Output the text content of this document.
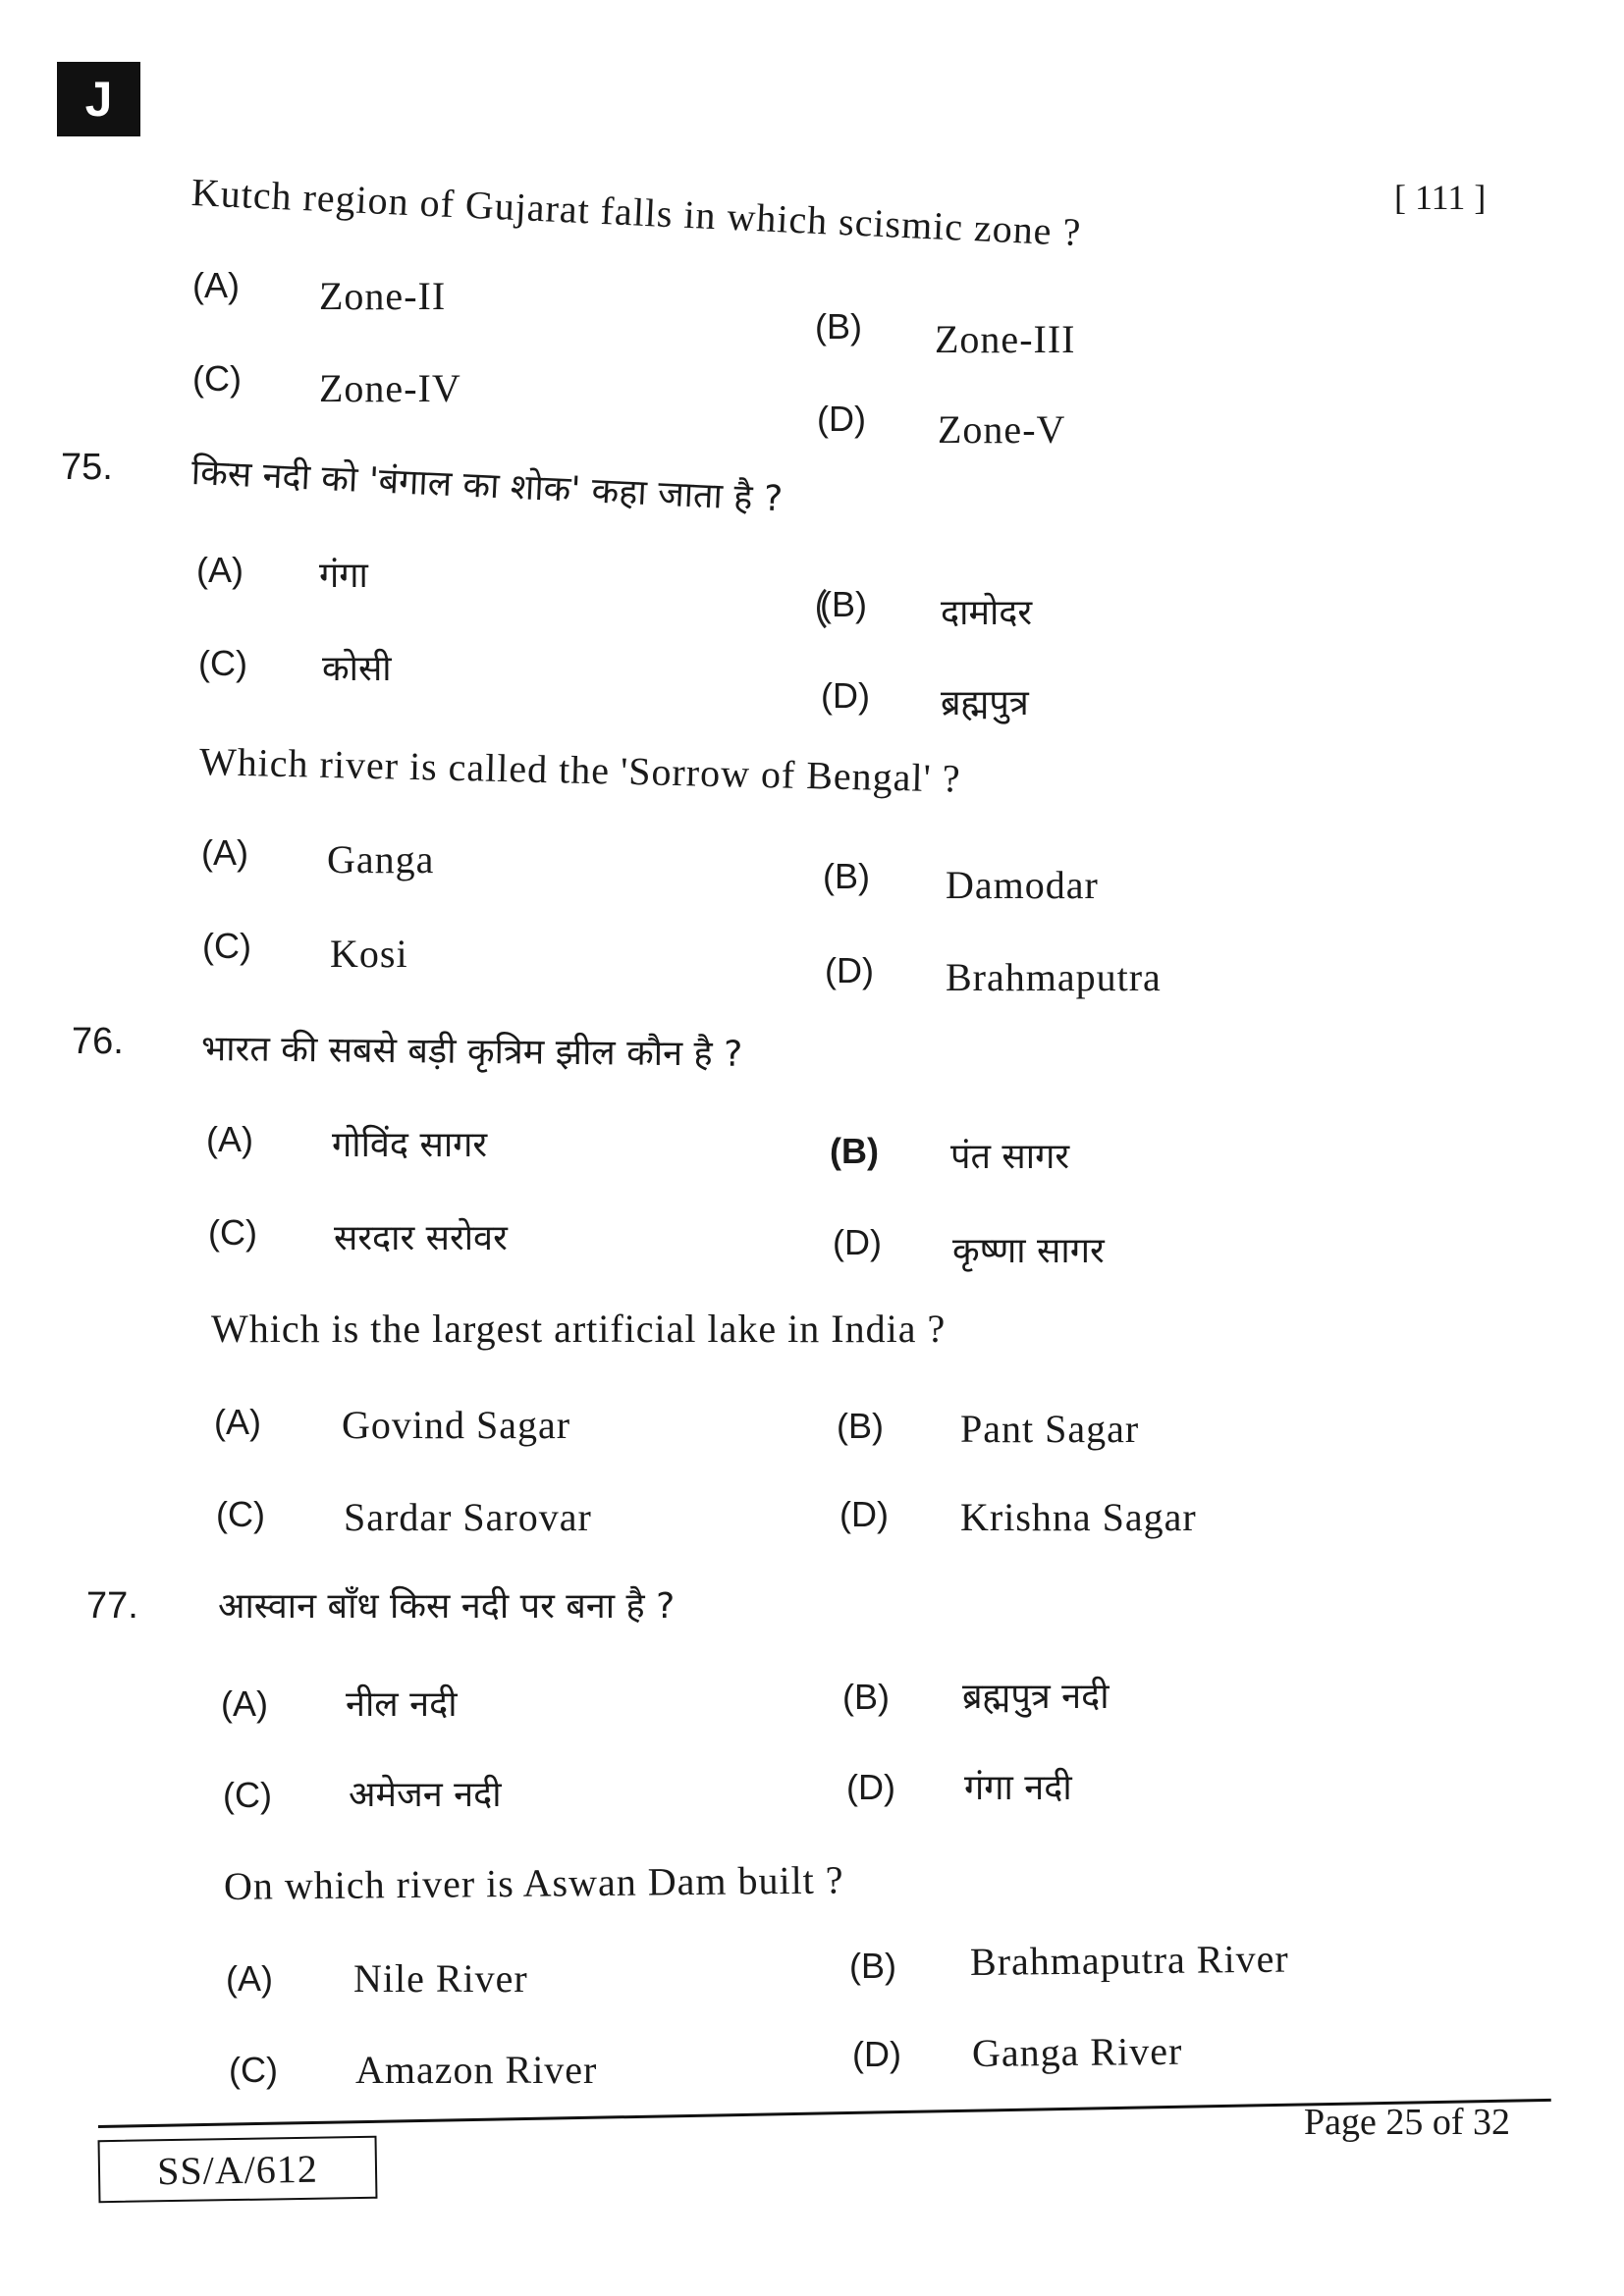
J
[ 111 ]
Kutch region of Gujarat falls in which scismic zone ?
(A) Zone-II
(B) Zone-III
(C) Zone-IV
(D) Zone-V
75. किस नदी को 'बंगाल का शोक' कहा जाता है ?
(A) गंगा
(B) दामोदर
(C) कोसी
(D) ब्रह्मपुत्र
Which river is called the 'Sorrow of Bengal' ?
(A) Ganga	(B) Damodar
(C) Kosi	(D) Brahmaputra
76. भारत की सबसे बड़ी कृत्रिम झील कौन है ?
(A) गोविंद सागर	(B) पंत सागर
(C) सरदार सरोवर	(D) कृष्णा सागर
Which is the largest artificial lake in India ?
(A) Govind Sagar	(B) Pant Sagar
(C) Sardar Sarovar	(D) Krishna Sagar
77. आस्वान बाँध किस नदी पर बना है ?
(A) नील नदी	(B) ब्रह्मपुत्र नदी
(C) अमेजन नदी	(D) गंगा नदी
On which river is Aswan Dam built ?
(A) Nile River	(B) Brahmaputra River
(C) Amazon River	(D) Ganga River
Page 25 of 32
SS/A/612
